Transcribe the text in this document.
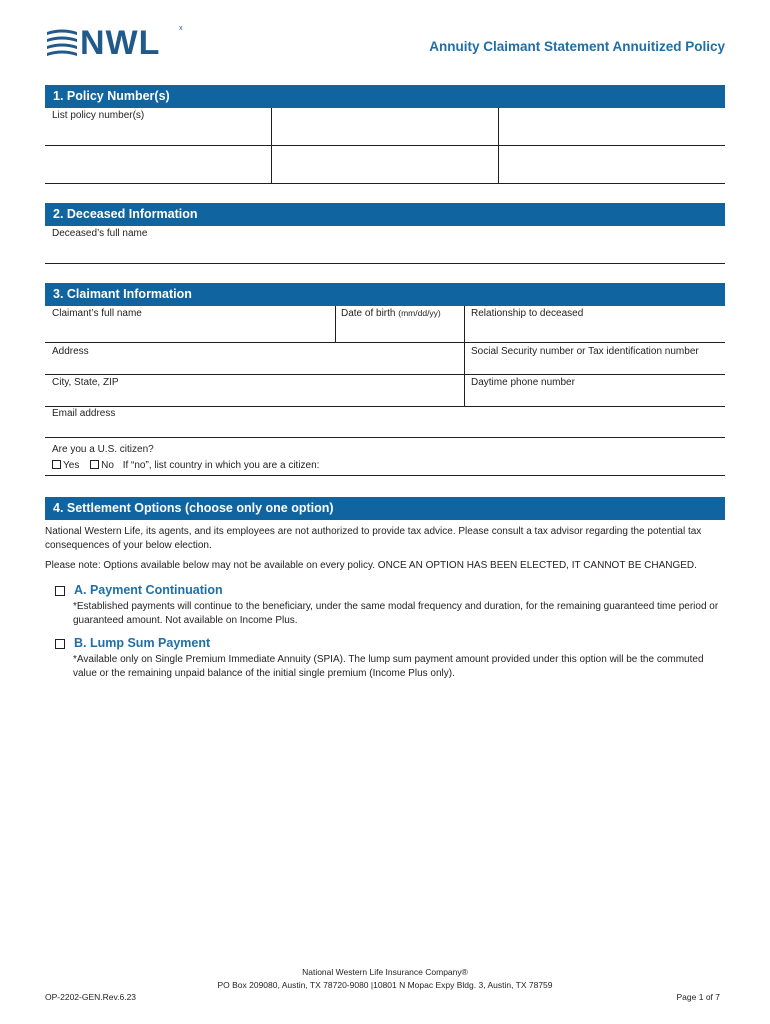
NWL	x
Annuity Claimant Statement Annuitized Policy
1. Policy Number(s)
List policy number(s)
2. Deceased Information
Deceased’s full name
3. Claimant Information
Claimant’s full name	Date of birth (mm/dd/yy)	Relationship to deceased
Address	Social Security number or Tax identification number
City, State, ZIP	Daytime phone number
Email address
Are you a U.S. citizen?
Yes No If “no”, list country in which you are a citizen:
4. Settlement Options (choose only one option)
National Western Life, its agents, and its employees are not authorized to provide tax advice. Please consult a tax advisor regarding the potential tax consequences of your below election.
Please note: Options available below may not be available on every policy. ONCE AN OPTION HAS BEEN ELECTED, IT CANNOT BE CHANGED.
A. Payment Continuation
*Established payments will continue to the beneficiary, under the same modal frequency and duration, for the remaining guaranteed time period or guaranteed amount. Not available on Income Plus.
B. Lump Sum Payment
*Available only on Single Premium Immediate Annuity (SPIA). The lump sum payment amount provided under this option will be the commuted value or the remaining unpaid balance of the initial single premium (Income Plus only).
National Western Life Insurance Company®
PO Box 209080, Austin, TX 78720-9080 |10801 N Mopac Expy Bldg. 3, Austin, TX 78759
OP-2202-GEN.Rev.6.23	Page 1 of 7
